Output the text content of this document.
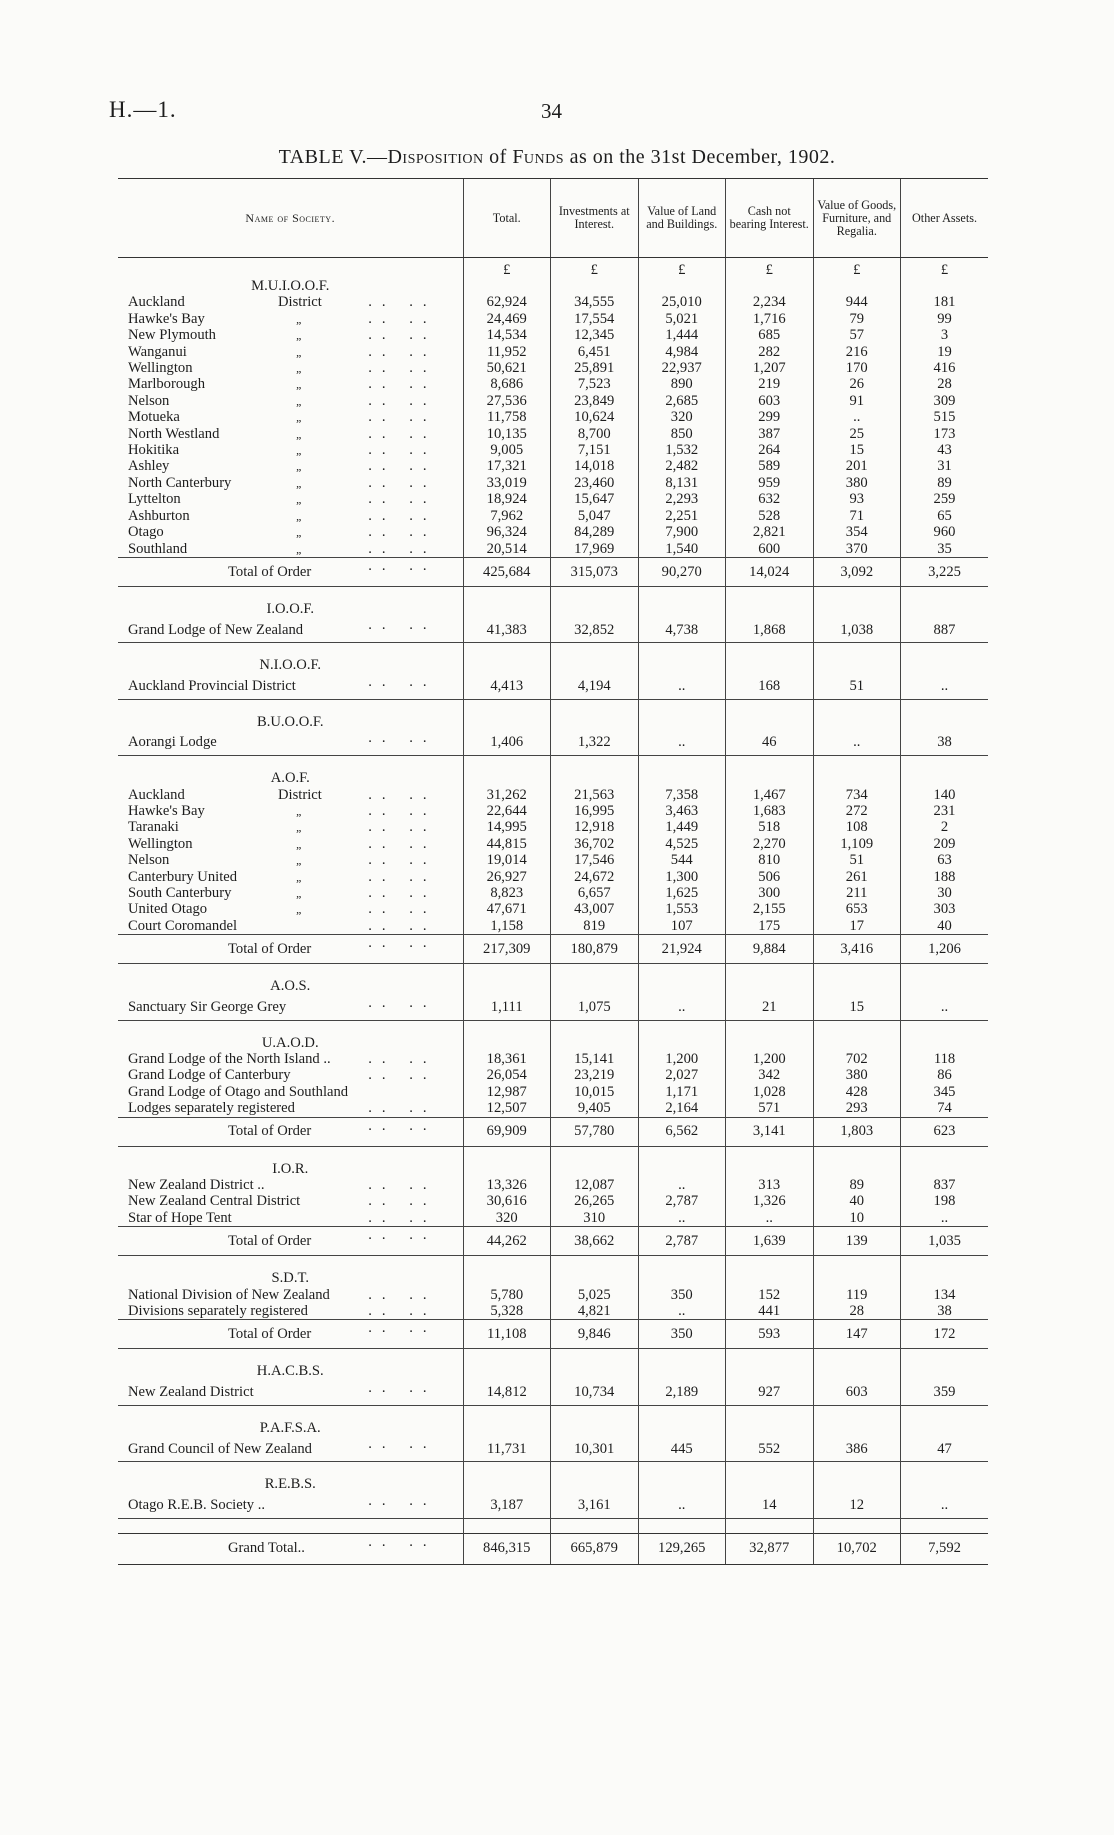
H.—1.	34
TABLE V.—Disposition of Funds as on the 31st December, 1902.
Name of Society.	Total.	Investments at Interest.	Value of Land and Buildings.	Cash not bearing Interest.	Value of Goods, Furniture, and Regalia.	Other Assets.
	£	£	£	£	£	£
M.U.I.O.O.F.						
Auckland District .. ..	62,924	34,555	25,010	2,234	944	181
Hawke's Bay „ .. ..	24,469	17,554	5,021	1,716	79	99
New Plymouth „ .. ..	14,534	12,345	1,444	685	57	3
Wanganui „ .. ..	11,952	6,451	4,984	282	216	19
Wellington „ .. ..	50,621	25,891	22,937	1,207	170	416
Marlborough „ .. ..	8,686	7,523	890	219	26	28
Nelson „ .. ..	27,536	23,849	2,685	603	91	309
Motueka „ .. ..	11,758	10,624	320	299	..	515
North Westland „ .. ..	10,135	8,700	850	387	25	173
Hokitika „ .. ..	9,005	7,151	1,532	264	15	43
Ashley „ .. ..	17,321	14,018	2,482	589	201	31
North Canterbury „ .. ..	33,019	23,460	8,131	959	380	89
Lyttelton „ .. ..	18,924	15,647	2,293	632	93	259
Ashburton „ .. ..	7,962	5,047	2,251	528	71	65
Otago „ .. ..	96,324	84,289	7,900	2,821	354	960
Southland „ .. ..	20,514	17,969	1,540	600	370	35
Total of Order .. ..	425,684	315,073	90,270	14,024	3,092	3,225

I.O.O.F.						
Grand Lodge of New Zealand .. ..	41,383	32,852	4,738	1,868	1,038	887

N.I.O.O.F.						
Auckland Provincial District .. ..	4,413	4,194	..	168	51	..

B.U.O.O.F.						
Aorangi Lodge .. ..	1,406	1,322	..	46	..	38

A.O.F.						
Auckland District .. ..	31,262	21,563	7,358	1,467	734	140
Hawke's Bay „ .. ..	22,644	16,995	3,463	1,683	272	231
Taranaki „ .. ..	14,995	12,918	1,449	518	108	2
Wellington „ .. ..	44,815	36,702	4,525	2,270	1,109	209
Nelson „ .. ..	19,014	17,546	544	810	51	63
Canterbury United „ .. ..	26,927	24,672	1,300	506	261	188
South Canterbury „ .. ..	8,823	6,657	1,625	300	211	30
United Otago „ .. ..	47,671	43,007	1,553	2,155	653	303
Court Coromandel .. ..	1,158	819	107	175	17	40
Total of Order .. ..	217,309	180,879	21,924	9,884	3,416	1,206

A.O.S.						
Sanctuary Sir George Grey .. ..	1,111	1,075	..	21	15	..

U.A.O.D.						
Grand Lodge of the North Island .. .. ..	18,361	15,141	1,200	1,200	702	118
Grand Lodge of Canterbury .. ..	26,054	23,219	2,027	342	380	86
Grand Lodge of Otago and Southland	12,987	10,015	1,171	1,028	428	345
Lodges separately registered .. ..	12,507	9,405	2,164	571	293	74
Total of Order .. ..	69,909	57,780	6,562	3,141	1,803	623

I.O.R.						
New Zealand District .. .. ..	13,326	12,087	..	313	89	837
New Zealand Central District .. ..	30,616	26,265	2,787	1,326	40	198
Star of Hope Tent .. ..	320	310	..	..	10	..
Total of Order .. ..	44,262	38,662	2,787	1,639	139	1,035

S.D.T.						
National Division of New Zealand .. ..	5,780	5,025	350	152	119	134
Divisions separately registered .. ..	5,328	4,821	..	441	28	38
Total of Order .. ..	11,108	9,846	350	593	147	172

H.A.C.B.S.						
New Zealand District .. ..	14,812	10,734	2,189	927	603	359

P.A.F.S.A.						
Grand Council of New Zealand .. ..	11,731	10,301	445	552	386	47

R.E.B.S.						
Otago R.E.B. Society .. .. ..	3,187	3,161	..	14	12	..

Grand Total.. .. ..	846,315	665,879	129,265	32,877	10,702	7,592
